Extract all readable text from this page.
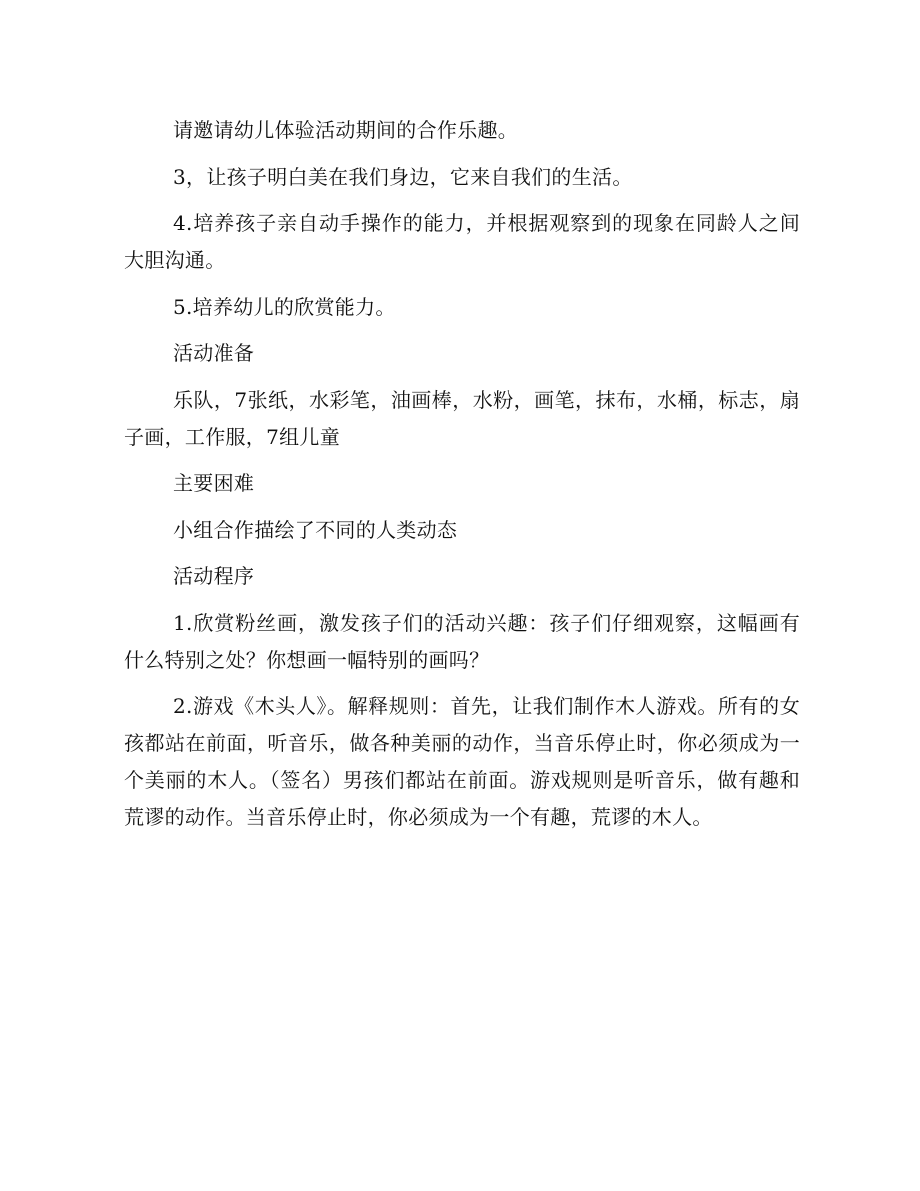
请邀请幼儿体验活动期间的合作乐趣。

3，让孩子明白美在我们身边，它来自我们的生活。

4.培养孩子亲自动手操作的能力，并根据观察到的现象在同龄人之间大胆沟通。

5.培养幼儿的欣赏能力。

活动准备

乐队，7张纸，水彩笔，油画棒，水粉，画笔，抹布，水桶，标志，扇子画，工作服，7组儿童

主要困难

小组合作描绘了不同的人类动态

活动程序

1.欣赏粉丝画，激发孩子们的活动兴趣：孩子们仔细观察，这幅画有什么特别之处？你想画一幅特别的画吗？

2.游戏《木头人》。解释规则：首先，让我们制作木人游戏。所有的女孩都站在前面，听音乐，做各种美丽的动作，当音乐停止时，你必须成为一个美丽的木人。（签名）男孩们都站在前面。游戏规则是听音乐，做有趣和荒谬的动作。当音乐停止时，你必须成为一个有趣，荒谬的木人。
